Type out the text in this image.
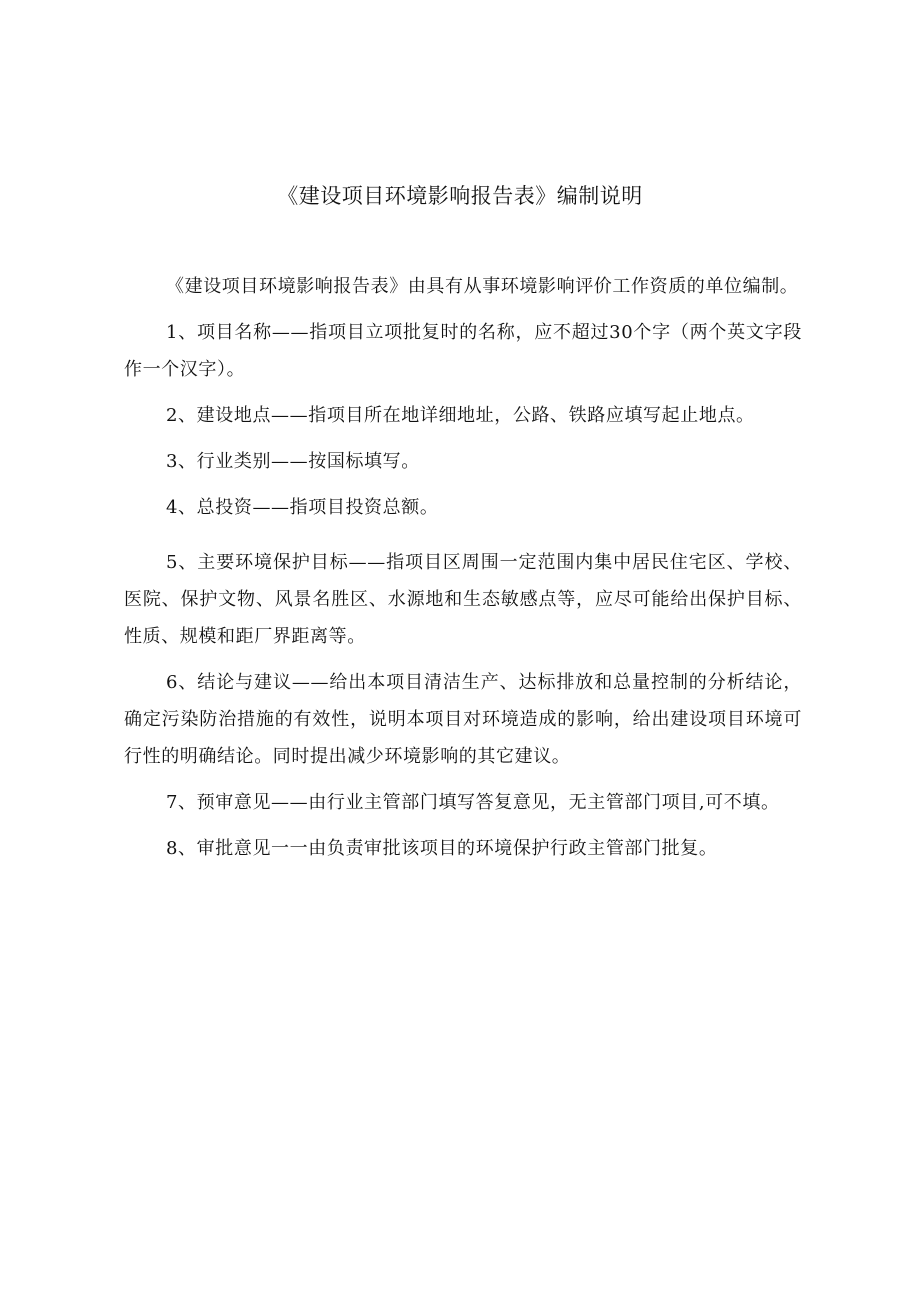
《建设项目环境影响报告表》编制说明

《建设项目环境影响报告表》由具有从事环境影响评价工作资质的单位编制。

1、项目名称——指项目立项批复时的名称，应不超过30个字（两个英文字段作一个汉字）。

2、建设地点——指项目所在地详细地址，公路、铁路应填写起止地点。

3、行业类别——按国标填写。

4、总投资——指项目投资总额。

5、主要环境保护目标——指项目区周围一定范围内集中居民住宅区、学校、医院、保护文物、风景名胜区、水源地和生态敏感点等，应尽可能给出保护目标、性质、规模和距厂界距离等。

6、结论与建议——给出本项目清洁生产、达标排放和总量控制的分析结论，确定污染防治措施的有效性，说明本项目对环境造成的影响，给出建设项目环境可行性的明确结论。同时提出减少环境影响的其它建议。

7、预审意见——由行业主管部门填写答复意见，无主管部门项目,可不填。

8、审批意见一一由负责审批该项目的环境保护行政主管部门批复。
